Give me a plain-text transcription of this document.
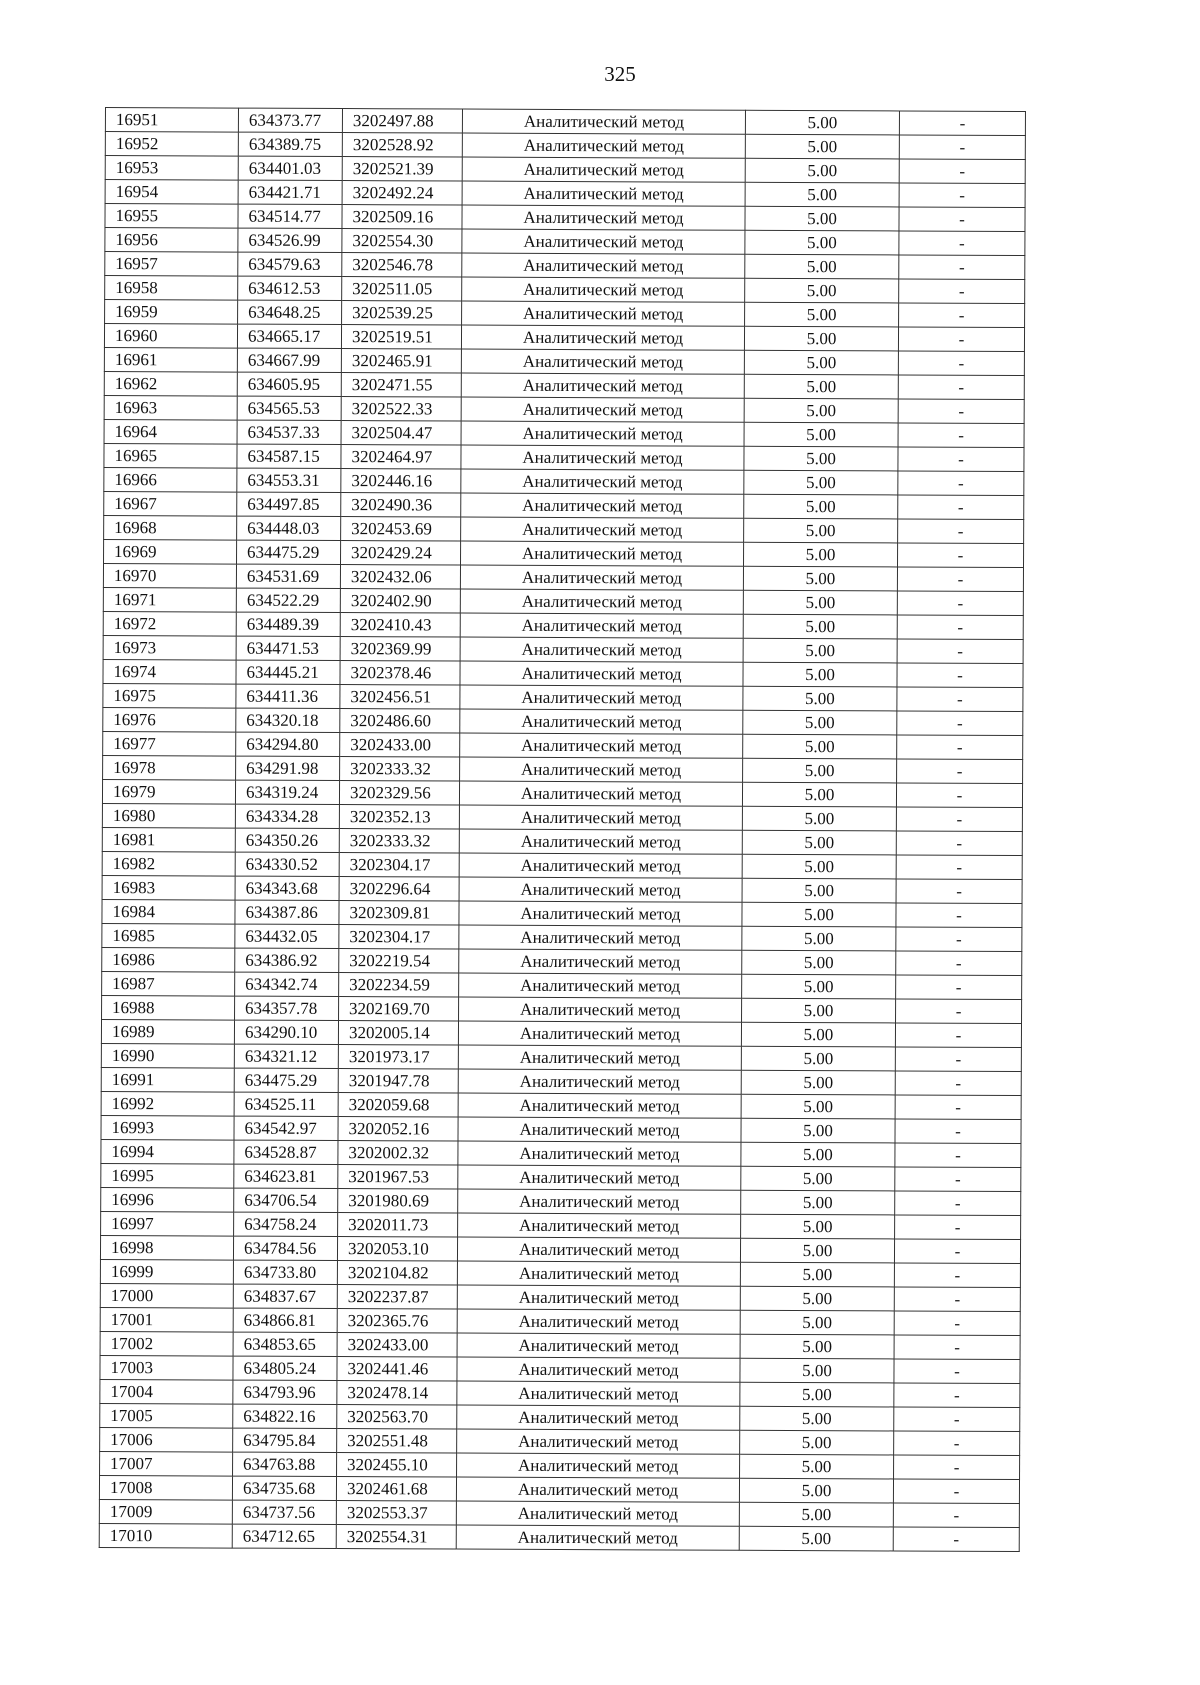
325
16951	634373.77	3202497.88	Аналитический метод	5.00	-
16952	634389.75	3202528.92	Аналитический метод	5.00	-
16953	634401.03	3202521.39	Аналитический метод	5.00	-
16954	634421.71	3202492.24	Аналитический метод	5.00	-
16955	634514.77	3202509.16	Аналитический метод	5.00	-
16956	634526.99	3202554.30	Аналитический метод	5.00	-
16957	634579.63	3202546.78	Аналитический метод	5.00	-
16958	634612.53	3202511.05	Аналитический метод	5.00	-
16959	634648.25	3202539.25	Аналитический метод	5.00	-
16960	634665.17	3202519.51	Аналитический метод	5.00	-
16961	634667.99	3202465.91	Аналитический метод	5.00	-
16962	634605.95	3202471.55	Аналитический метод	5.00	-
16963	634565.53	3202522.33	Аналитический метод	5.00	-
16964	634537.33	3202504.47	Аналитический метод	5.00	-
16965	634587.15	3202464.97	Аналитический метод	5.00	-
16966	634553.31	3202446.16	Аналитический метод	5.00	-
16967	634497.85	3202490.36	Аналитический метод	5.00	-
16968	634448.03	3202453.69	Аналитический метод	5.00	-
16969	634475.29	3202429.24	Аналитический метод	5.00	-
16970	634531.69	3202432.06	Аналитический метод	5.00	-
16971	634522.29	3202402.90	Аналитический метод	5.00	-
16972	634489.39	3202410.43	Аналитический метод	5.00	-
16973	634471.53	3202369.99	Аналитический метод	5.00	-
16974	634445.21	3202378.46	Аналитический метод	5.00	-
16975	634411.36	3202456.51	Аналитический метод	5.00	-
16976	634320.18	3202486.60	Аналитический метод	5.00	-
16977	634294.80	3202433.00	Аналитический метод	5.00	-
16978	634291.98	3202333.32	Аналитический метод	5.00	-
16979	634319.24	3202329.56	Аналитический метод	5.00	-
16980	634334.28	3202352.13	Аналитический метод	5.00	-
16981	634350.26	3202333.32	Аналитический метод	5.00	-
16982	634330.52	3202304.17	Аналитический метод	5.00	-
16983	634343.68	3202296.64	Аналитический метод	5.00	-
16984	634387.86	3202309.81	Аналитический метод	5.00	-
16985	634432.05	3202304.17	Аналитический метод	5.00	-
16986	634386.92	3202219.54	Аналитический метод	5.00	-
16987	634342.74	3202234.59	Аналитический метод	5.00	-
16988	634357.78	3202169.70	Аналитический метод	5.00	-
16989	634290.10	3202005.14	Аналитический метод	5.00	-
16990	634321.12	3201973.17	Аналитический метод	5.00	-
16991	634475.29	3201947.78	Аналитический метод	5.00	-
16992	634525.11	3202059.68	Аналитический метод	5.00	-
16993	634542.97	3202052.16	Аналитический метод	5.00	-
16994	634528.87	3202002.32	Аналитический метод	5.00	-
16995	634623.81	3201967.53	Аналитический метод	5.00	-
16996	634706.54	3201980.69	Аналитический метод	5.00	-
16997	634758.24	3202011.73	Аналитический метод	5.00	-
16998	634784.56	3202053.10	Аналитический метод	5.00	-
16999	634733.80	3202104.82	Аналитический метод	5.00	-
17000	634837.67	3202237.87	Аналитический метод	5.00	-
17001	634866.81	3202365.76	Аналитический метод	5.00	-
17002	634853.65	3202433.00	Аналитический метод	5.00	-
17003	634805.24	3202441.46	Аналитический метод	5.00	-
17004	634793.96	3202478.14	Аналитический метод	5.00	-
17005	634822.16	3202563.70	Аналитический метод	5.00	-
17006	634795.84	3202551.48	Аналитический метод	5.00	-
17007	634763.88	3202455.10	Аналитический метод	5.00	-
17008	634735.68	3202461.68	Аналитический метод	5.00	-
17009	634737.56	3202553.37	Аналитический метод	5.00	-
17010	634712.65	3202554.31	Аналитический метод	5.00	-
